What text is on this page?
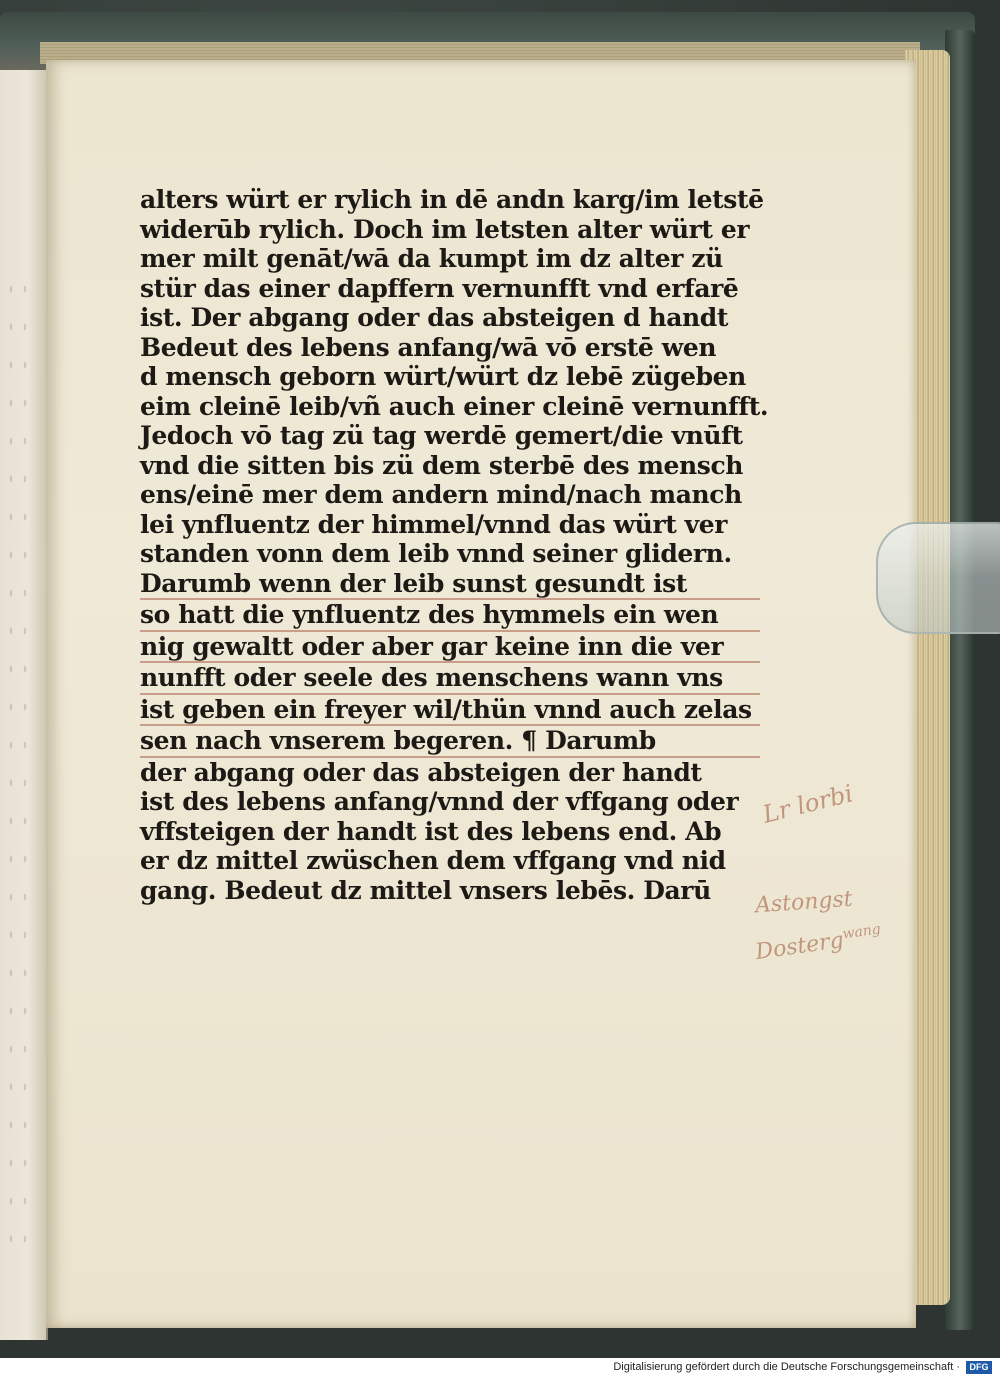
alters würt er rylich in dē andn karg/im letstē
widerūb rylich. Doch im letsten alter würt er
mer milt genāt/wā da kumpt im dz alter zü
stür das einer dapffern vernunfft vnd erfarē
ist. Der abgang oder das absteigen d handt
Bedeut des lebens anfang/wā vō erstē wen
d mensch geborn würt/würt dz lebē zügeben
eim cleinē leib/vñ auch einer cleinē vernunfft.
Jedoch vō tag zü tag werdē gemert/die vnūft
vnd die sitten bis zü dem sterbē des mensch
ens/einē mer dem andern mind/nach manch
lei ynfluentz der himmel/vnnd das würt ver
standen vonn dem leib vnnd seiner glidern.
Darumb wenn der leib sunst gesundt ist
so hatt die ynfluentz des hymmels ein wen
nig gewaltt oder aber gar keine inn die ver
nunfft oder seele des menschens wann vns
ist geben ein freyer wil/thün vnnd auch zelas
sen nach vnserem begeren. ¶ Darumb
der abgang oder das absteigen der handt
ist des lebens anfang/vnnd der vffgang oder
vffsteigen der handt ist des lebens end. Ab
er dz mittel zwüschen dem vffgang vnd nid
gang. Bedeut dz mittel vnsers lebēs. Darū
Lr lorbi
Astongst
Dosterg$^{wang}$
Digitalisierung gefördert durch die Deutsche Forschungsgemeinschaft ·	DFG
